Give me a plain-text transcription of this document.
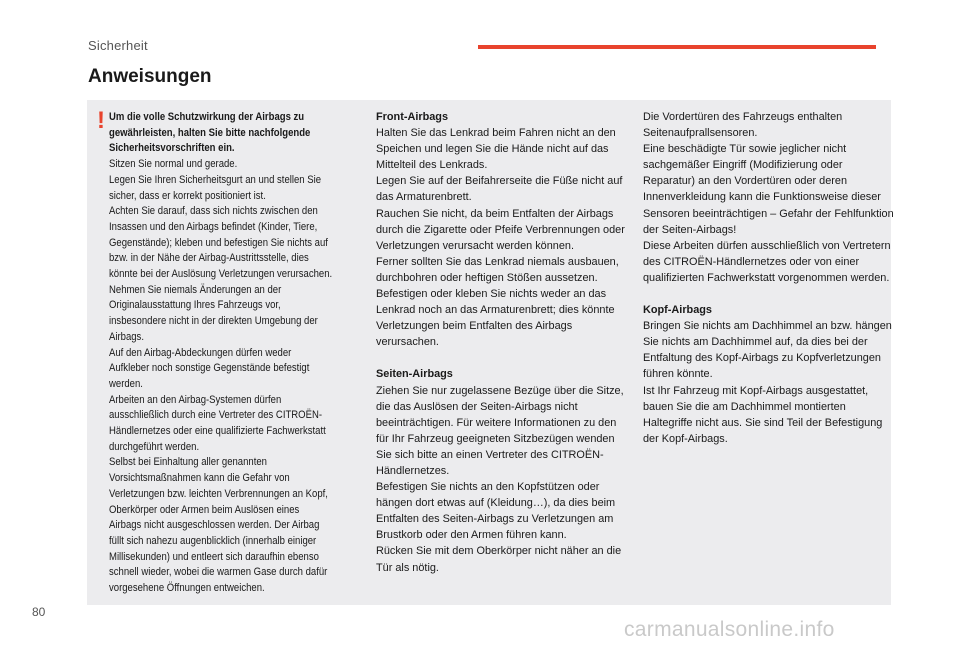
Sicherheit
Anweisungen
! Um die volle Schutzwirkung der Airbags zu gewährleisten, halten Sie bitte nachfolgende Sicherheitsvorschriften ein.

Sitzen Sie normal und gerade.

Legen Sie Ihren Sicherheitsgurt an und stellen Sie sicher, dass er korrekt positioniert ist.

Achten Sie darauf, dass sich nichts zwischen den Insassen und den Airbags befindet (Kinder, Tiere, Gegenstände); kleben und befestigen Sie nichts auf bzw. in der Nähe der Airbag-Austrittsstelle, dies könnte bei der Auslösung Verletzungen verursachen.

Nehmen Sie niemals Änderungen an der Originalausstattung Ihres Fahrzeugs vor, insbesondere nicht in der direkten Umgebung der Airbags.

Auf den Airbag-Abdeckungen dürfen weder Aufkleber noch sonstige Gegenstände befestigt werden.

Arbeiten an den Airbag-Systemen dürfen ausschließlich durch eine Vertreter des CITROËN-Händlernetzes oder eine qualifizierte Fachwerkstatt durchgeführt werden.

Selbst bei Einhaltung aller genannten Vorsichtsmaßnahmen kann die Gefahr von Verletzungen bzw. leichten Verbrennungen an Kopf, Oberkörper oder Armen beim Auslösen eines Airbags nicht ausgeschlossen werden. Der Airbag füllt sich nahezu augenblicklich (innerhalb einiger Millisekunden) und entleert sich daraufhin ebenso schnell wieder, wobei die warmen Gase durch dafür vorgesehene Öffnungen entweichen.

Front-Airbags

Halten Sie das Lenkrad beim Fahren nicht an den Speichen und legen Sie die Hände nicht auf das Mittelteil des Lenkrads.

Legen Sie auf der Beifahrerseite die Füße nicht auf das Armaturenbrett.

Rauchen Sie nicht, da beim Entfalten der Airbags durch die Zigarette oder Pfeife Verbrennungen oder Verletzungen verursacht werden können.

Ferner sollten Sie das Lenkrad niemals ausbauen, durchbohren oder heftigen Stößen aussetzen.

Befestigen oder kleben Sie nichts weder an das Lenkrad noch an das Armaturenbrett; dies könnte Verletzungen beim Entfalten des Airbags verursachen.

Seiten-Airbags

Ziehen Sie nur zugelassene Bezüge über die Sitze, die das Auslösen der Seiten-Airbags nicht beeinträchtigen. Für weitere Informationen zu den für Ihr Fahrzeug geeigneten Sitzbezügen wenden Sie sich bitte an einen Vertreter des CITROËN-Händlernetzes.

Befestigen Sie nichts an den Kopfstützen oder hängen dort etwas auf (Kleidung…), da dies beim Entfalten des Seiten-Airbags zu Verletzungen am Brustkorb oder den Armen führen kann.

Rücken Sie mit dem Oberkörper nicht näher an die Tür als nötig.

Die Vordertüren des Fahrzeugs enthalten Seitenaufprallsensoren.

Eine beschädigte Tür sowie jeglicher nicht sachgemäßer Eingriff (Modifizierung oder Reparatur) an den Vordertüren oder deren Innenverkleidung kann die Funktionsweise dieser Sensoren beeinträchtigen – Gefahr der Fehlfunktion der Seiten-Airbags!

Diese Arbeiten dürfen ausschließlich von Vertretern des CITROËN-Händlernetzes oder von einer qualifizierten Fachwerkstatt vorgenommen werden.

Kopf-Airbags

Bringen Sie nichts am Dachhimmel an bzw. hängen Sie nichts am Dachhimmel auf, da dies bei der Entfaltung des Kopf-Airbags zu Kopfverletzungen führen könnte.

Ist Ihr Fahrzeug mit Kopf-Airbags ausgestattet, bauen Sie die am Dachhimmel montierten Haltegriffe nicht aus. Sie sind Teil der Befestigung der Kopf-Airbags.

80
carmanualsonline.info
